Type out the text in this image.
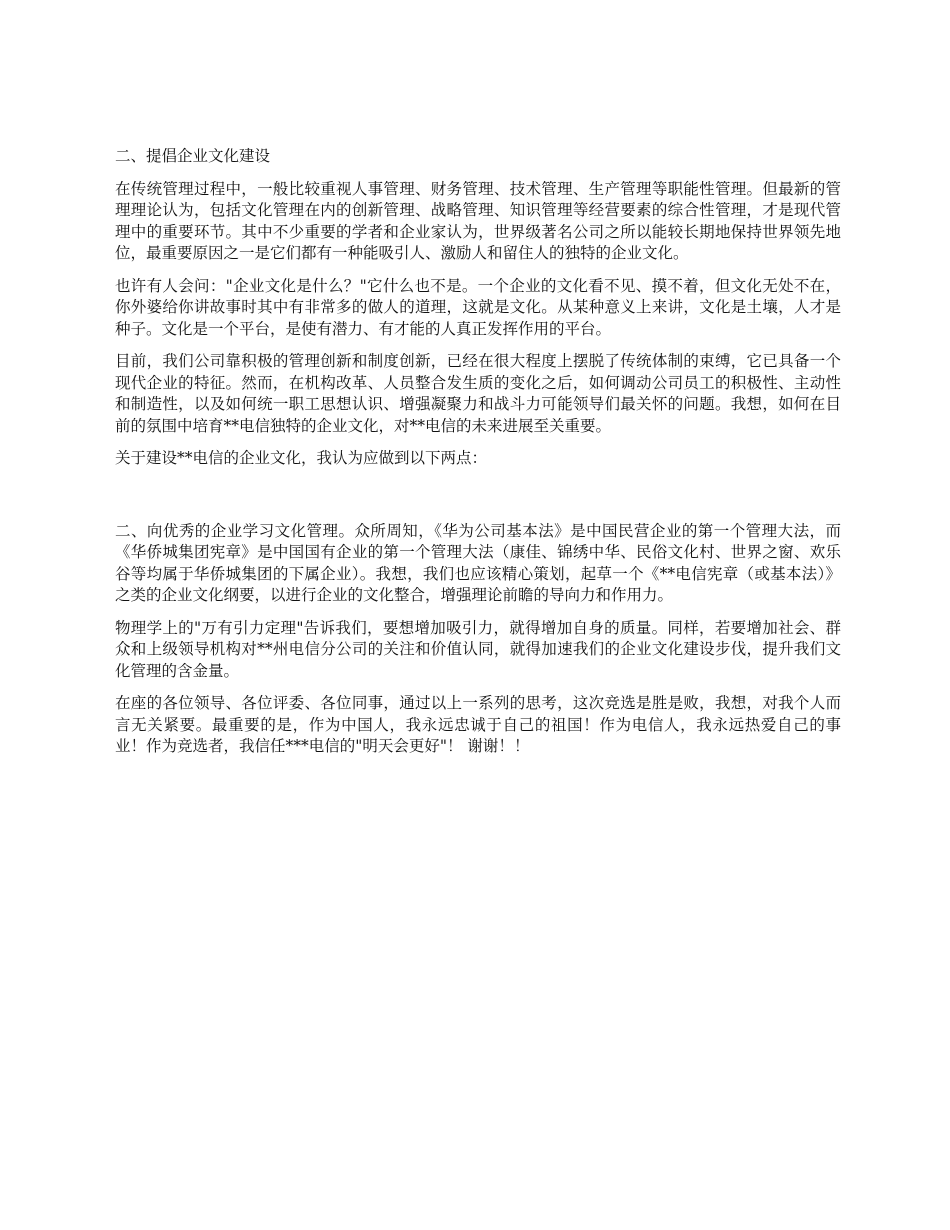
二、提倡企业文化建设

在传统管理过程中，一般比较重视人事管理、财务管理、技术管理、生产管理等职能性管理。但最新的管理理论认为，包括文化管理在内的创新管理、战略管理、知识管理等经营要素的综合性管理，才是现代管理中的重要环节。其中不少重要的学者和企业家认为，世界级著名公司之所以能较长期地保持世界领先地位，最重要原因之一是它们都有一种能吸引人、激励人和留住人的独特的企业文化。

也许有人会问："企业文化是什么？"它什么也不是。一个企业的文化看不见、摸不着，但文化无处不在，你外婆给你讲故事时其中有非常多的做人的道理，这就是文化。从某种意义上来讲，文化是土壤，人才是种子。文化是一个平台，是使有潜力、有才能的人真正发挥作用的平台。

目前，我们公司靠积极的管理创新和制度创新，已经在很大程度上摆脱了传统体制的束缚，它已具备一个现代企业的特征。然而，在机构改革、人员整合发生质的变化之后，如何调动公司员工的积极性、主动性和制造性，以及如何统一职工思想认识、增强凝聚力和战斗力可能领导们最关怀的问题。我想，如何在目前的氛围中培育**电信独特的企业文化，对**电信的未来进展至关重要。

关于建设**电信的企业文化，我认为应做到以下两点：

二、向优秀的企业学习文化管理。众所周知，《华为公司基本法》是中国民营企业的第一个管理大法，而《华侨城集团宪章》是中国国有企业的第一个管理大法（康佳、锦绣中华、民俗文化村、世界之窗、欢乐谷等均属于华侨城集团的下属企业）。我想，我们也应该精心策划，起草一个《**电信宪章（或基本法）》之类的企业文化纲要，以进行企业的文化整合，增强理论前瞻的导向力和作用力。

物理学上的"万有引力定理"告诉我们，要想增加吸引力，就得增加自身的质量。同样，若要增加社会、群众和上级领导机构对**州电信分公司的关注和价值认同，就得加速我们的企业文化建设步伐，提升我们文化管理的含金量。

在座的各位领导、各位评委、各位同事，通过以上一系列的思考，这次竞选是胜是败，我想，对我个人而言无关紧要。最重要的是，作为中国人，我永远忠诚于自己的祖国！作为电信人，我永远热爱自己的事业！作为竞选者，我信任***电信的"明天会更好"！ 谢谢！！
